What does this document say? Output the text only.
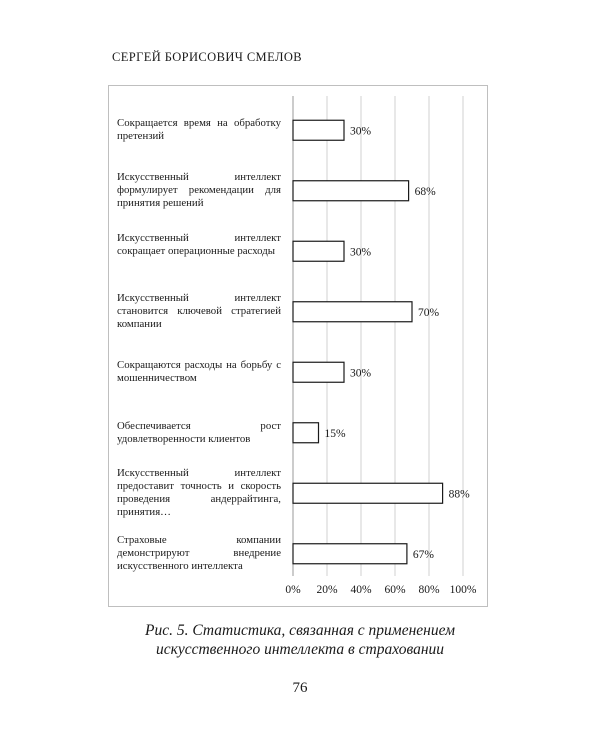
СЕРГЕЙ БОРИСОВИЧ СМЕЛОВ
0% 20% 40% 60% 80% 100%
30%
68%
30%
70%
30%
15%
88%
67%
Сокращается время на обработку претензий
Искусственный интеллект формулирует рекомендации для принятия решений
Искусственный интеллект сокращает операционные расходы
Искусственный интеллект становится ключевой стратегией компании
Сокращаются расходы на борьбу с мошенничеством
Обеспечивается рост удовлетворенности клиентов
Искусственный интеллект предоставит точность и скорость проведения андеррайтинга, принятия…
Страховые компании демонстрируют внедрение искусственного интеллекта
Рис. 5. Статистика, связанная с применением
искусственного интеллекта в страховании
76
